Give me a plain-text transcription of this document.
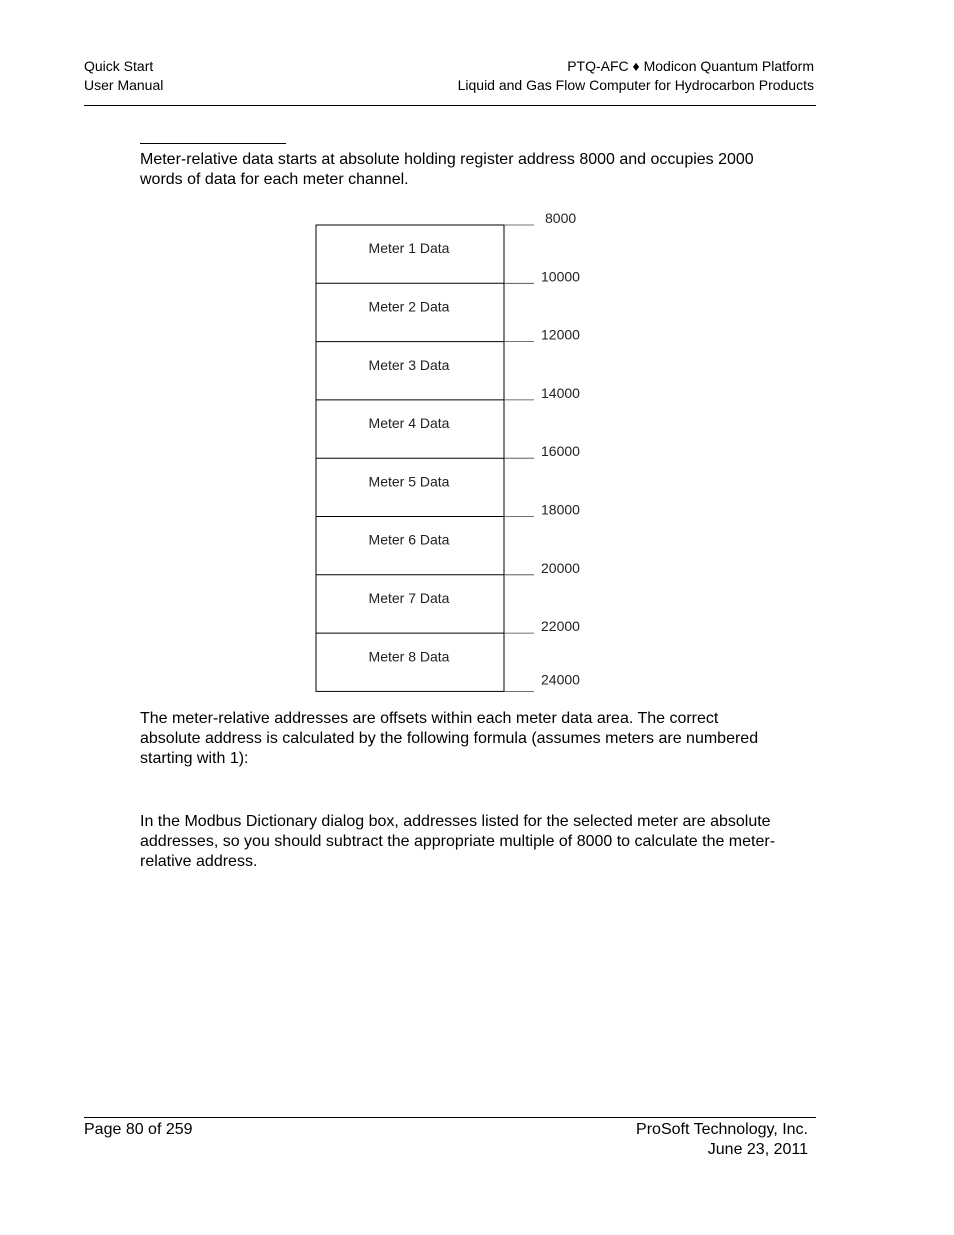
Quick Start
User Manual
PTQ-AFC ♦ Modicon Quantum Platform
Liquid and Gas Flow Computer for Hydrocarbon Products

Meter-relative data starts at absolute holding register address 8000 and occupies 2000 words of data for each meter channel.

Meter 1 Data
Meter 2 Data
Meter 3 Data
Meter 4 Data
Meter 5 Data
Meter 6 Data
Meter 7 Data
Meter 8 Data
8000
10000
12000
14000
16000
18000
20000
22000
24000

The meter-relative addresses are offsets within each meter data area. The correct absolute address is calculated by the following formula (assumes meters are numbered starting with 1):

In the Modbus Dictionary dialog box, addresses listed for the selected meter are absolute addresses, so you should subtract the appropriate multiple of 8000 to calculate the meter-relative address.

Page 80 of 259	ProSoft Technology, Inc.
June 23, 2011
